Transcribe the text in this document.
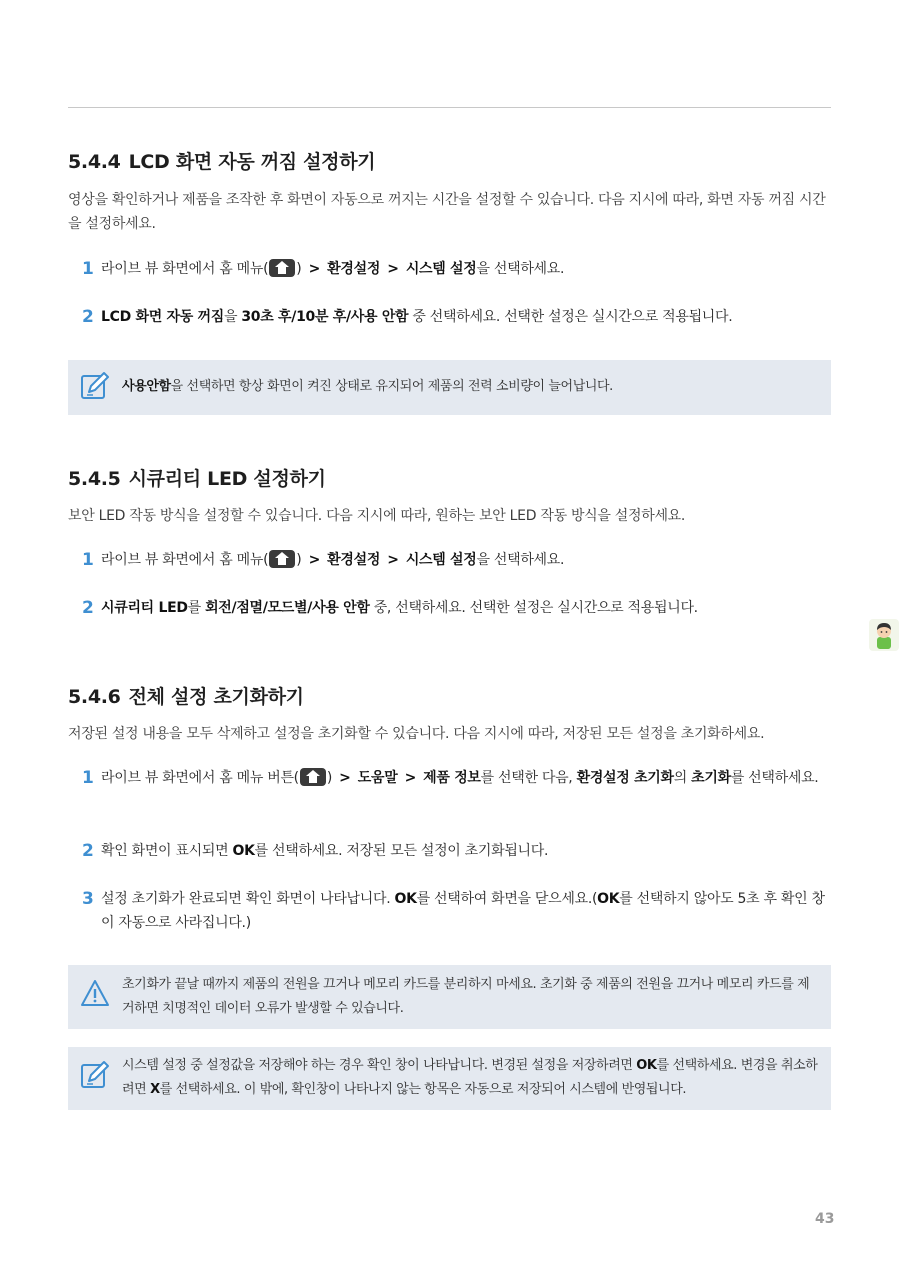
5.4.4 LCD 화면 자동 꺼짐 설정하기
영상을 확인하거나 제품을 조작한 후 화면이 자동으로 꺼지는 시간을 설정할 수 있습니다. 다음 지시에 따라, 화면 자동 꺼짐 시간을 설정하세요.
1 라이브 뷰 화면에서 홈 메뉴( ) > 환경설정 > 시스템 설정을 선택하세요.
2 LCD 화면 자동 꺼짐을 30초 후/10분 후/사용 안함 중 선택하세요. 선택한 설정은 실시간으로 적용됩니다.
사용안함을 선택하면 항상 화면이 켜진 상태로 유지되어 제품의 전력 소비량이 늘어납니다.
5.4.5 시큐리티 LED 설정하기
보안 LED 작동 방식을 설정할 수 있습니다. 다음 지시에 따라, 원하는 보안 LED 작동 방식을 설정하세요.
1 라이브 뷰 화면에서 홈 메뉴( ) > 환경설정 > 시스템 설정을 선택하세요.
2 시큐리티 LED를 회전/점멸/모드별/사용 안함 중, 선택하세요. 선택한 설정은 실시간으로 적용됩니다.
5.4.6 전체 설정 초기화하기
저장된 설정 내용을 모두 삭제하고 설정을 초기화할 수 있습니다. 다음 지시에 따라, 저장된 모든 설정을 초기화하세요.
1 라이브 뷰 화면에서 홈 메뉴 버튼( ) > 도움말 > 제품 정보를 선택한 다음, 환경설정 초기화의 초기화를 선택하세요.
2 확인 화면이 표시되면 OK를 선택하세요. 저장된 모든 설정이 초기화됩니다.
3 설정 초기화가 완료되면 확인 화면이 나타납니다. OK를 선택하여 화면을 닫으세요.(OK를 선택하지 않아도 5초 후 확인 창이 자동으로 사라집니다.)
초기화가 끝날 때까지 제품의 전원을 끄거나 메모리 카드를 분리하지 마세요. 초기화 중 제품의 전원을 끄거나 메모리 카드를 제거하면 치명적인 데이터 오류가 발생할 수 있습니다.
시스템 설정 중 설정값을 저장해야 하는 경우 확인 창이 나타납니다. 변경된 설정을 저장하려면 OK를 선택하세요. 변경을 취소하려면 X를 선택하세요. 이 밖에, 확인창이 나타나지 않는 항목은 자동으로 저장되어 시스템에 반영됩니다.
43
